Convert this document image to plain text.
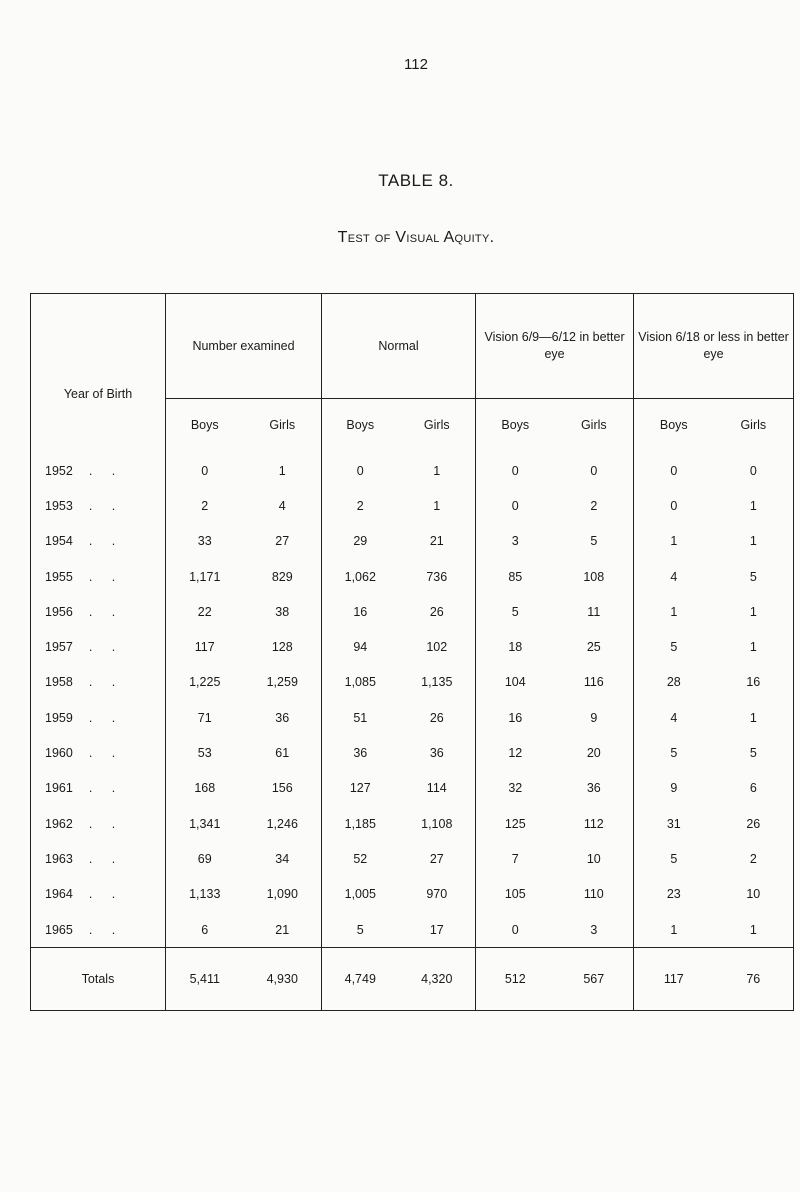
112
TABLE 8.
Test of Visual Aquity.
Year of Birth	Number examined		Normal		Vision 6/9—6/12 in better eye		Vision 6/18 or less in better eye	
	Boys	Girls	Boys	Girls	Boys	Girls	Boys	Girls
1952 . .	0	1	0	1	0	0	0	0
1953 . .	2	4	2	1	0	2	0	1
1954 . .	33	27	29	21	3	5	1	1
1955 . .	1,171	829	1,062	736	85	108	4	5
1956 . .	22	38	16	26	5	11	1	1
1957 . .	117	128	94	102	18	25	5	1
1958 . .	1,225	1,259	1,085	1,135	104	116	28	16
1959 . .	71	36	51	26	16	9	4	1
1960 . .	53	61	36	36	12	20	5	5
1961 . .	168	156	127	114	32	36	9	6
1962 . .	1,341	1,246	1,185	1,108	125	112	31	26
1963 . .	69	34	52	27	7	10	5	2
1964 . .	1,133	1,090	1,005	970	105	110	23	10
1965 . .	6	21	5	17	0	3	1	1
Totals	5,411	4,930	4,749	4,320	512	567	117	76
